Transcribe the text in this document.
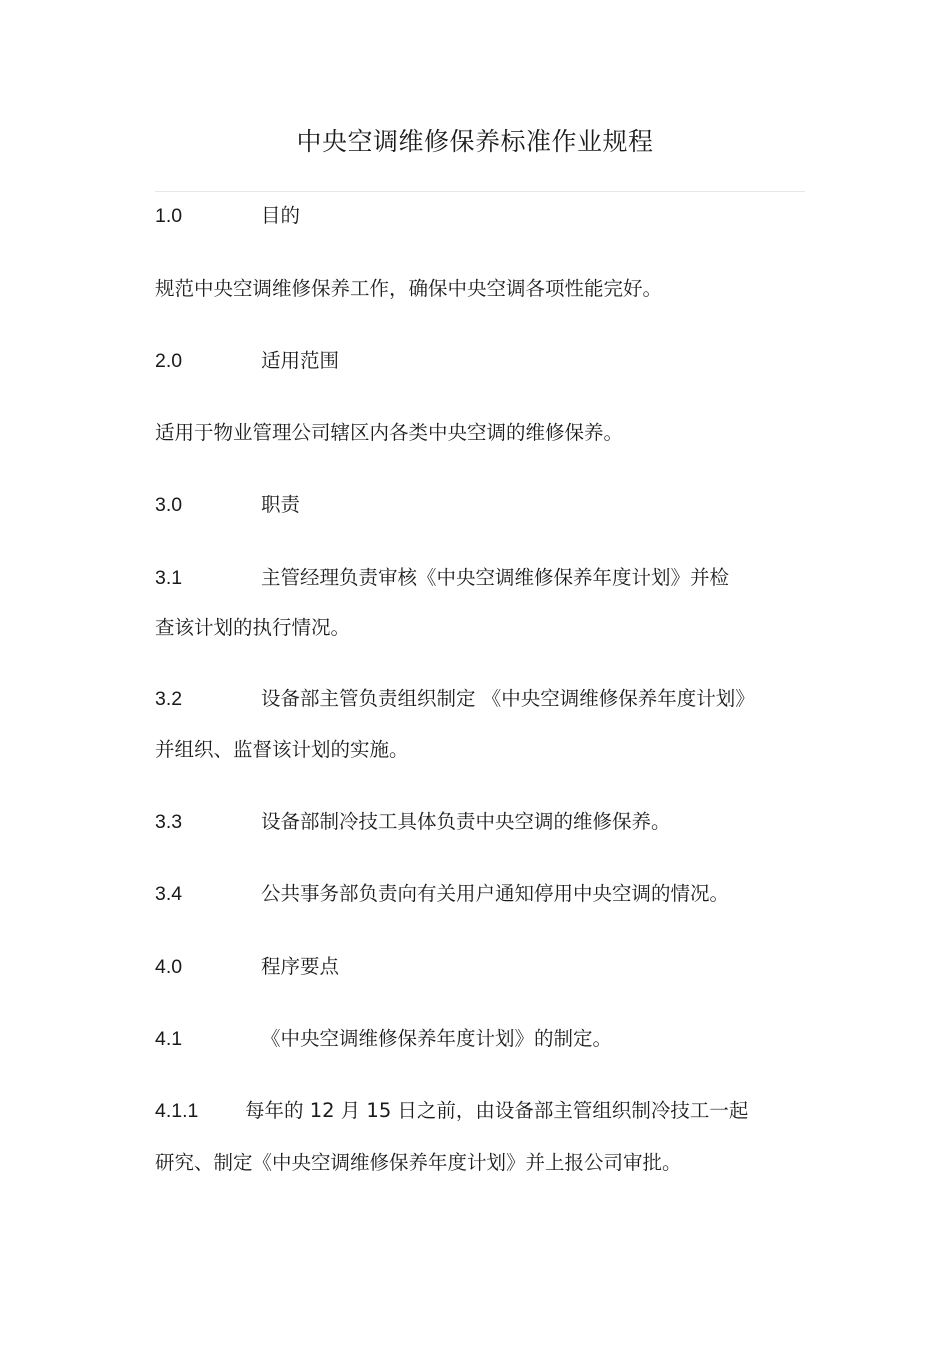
中央空调维修保养标准作业规程
1.0	目的
规范中央空调维修保养工作，确保中央空调各项性能完好。
2.0	适用范围
适用于物业管理公司辖区内各类中央空调的维修保养。
3.0	职责
3.1	主管经理负责审核《中央空调维修保养年度计划》并检
查该计划的执行情况。
3.2	设备部主管负责组织制定 《中央空调维修保养年度计划》
并组织、监督该计划的实施。
3.3	设备部制冷技工具体负责中央空调的维修保养。
3.4	公共事务部负责向有关用户通知停用中央空调的情况。
4.0	程序要点
4.1	《中央空调维修保养年度计划》的制定。
4.1.1 每年的 12 月 15 日之前，由设备部主管组织制冷技工一起
研究、制定《中央空调维修保养年度计划》并上报公司审批。
